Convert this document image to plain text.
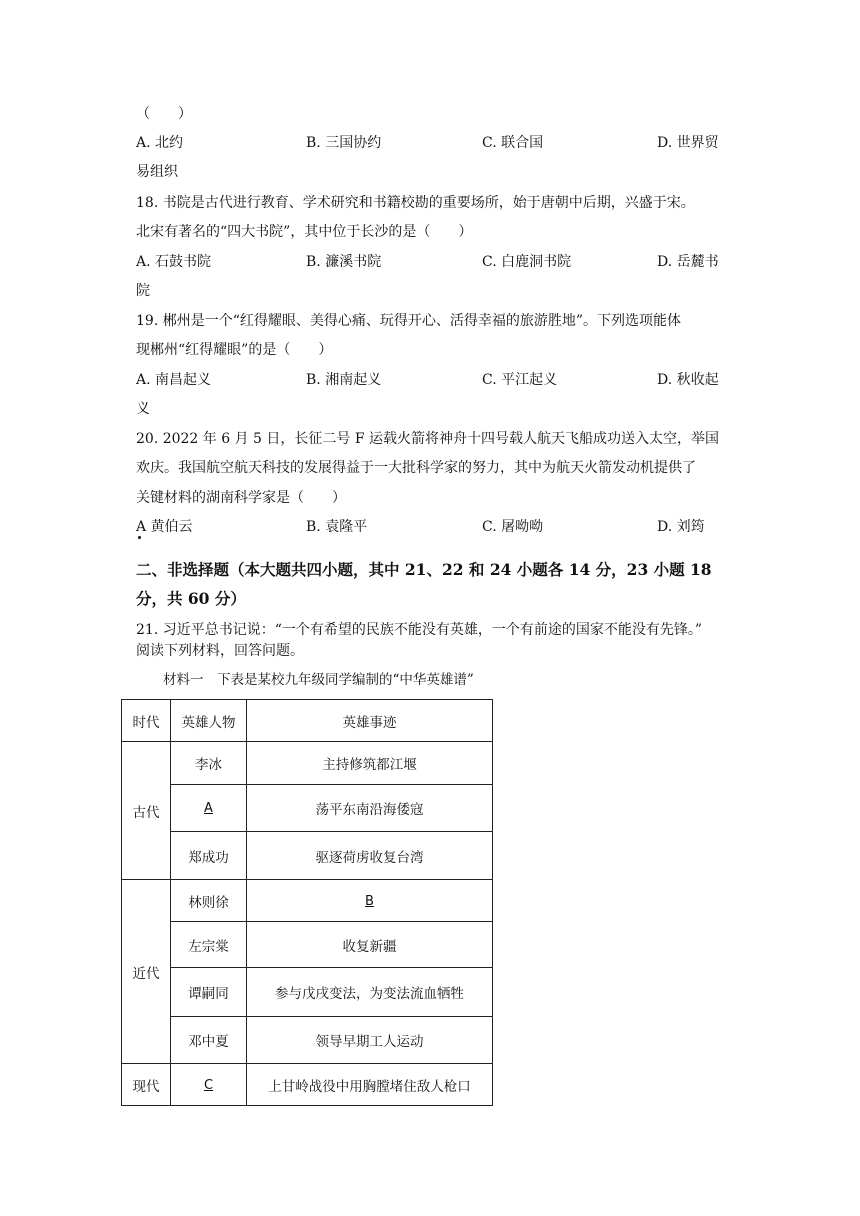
（　　）
A. 北约	B. 三国协约	C. 联合国	D. 世界贸
易组织
18. 书院是古代进行教育、学术研究和书籍校勘的重要场所，始于唐朝中后期，兴盛于宋。
北宋有著名的“四大书院”，其中位于长沙的是（　　）
A. 石鼓书院	B. 濂溪书院	C. 白鹿洞书院	D. 岳麓书
院
19. 郴州是一个“红得耀眼、美得心痛、玩得开心、活得幸福的旅游胜地”。下列选项能体
现郴州“红得耀眼”的是（　　）
A. 南昌起义	B. 湘南起义	C. 平江起义	D. 秋收起
义
20. 2022 年 6 月 5 日，长征二号 F 运载火箭将神舟十四号载人航天飞船成功送入太空，举国
欢庆。我国航空航天科技的发展得益于一大批科学家的努力，其中为航天火箭发动机提供了
关键材料的湖南科学家是（　　）
A 黄伯云	B. 袁隆平	C. 屠呦呦	D. 刘筠
二、非选择题（本大题共四小题，其中 21、22 和 24 小题各 14 分，23 小题 18
分，共 60 分）
21. 习近平总书记说：“一个有希望的民族不能没有英雄，一个有前途的国家不能没有先锋。”
阅读下列材料，回答问题。
材料一　下表是某校九年级同学编制的“中华英雄谱”
时代	英雄人物	英雄事迹
古代	李冰	主持修筑都江堰
	A	荡平东南沿海倭寇
	郑成功	驱逐荷虏收复台湾
近代	林则徐	B
	左宗棠	收复新疆
	谭嗣同	参与戊戌变法，为变法流血牺牲
	邓中夏	领导早期工人运动
现代	C	上甘岭战役中用胸膛堵住敌人枪口
